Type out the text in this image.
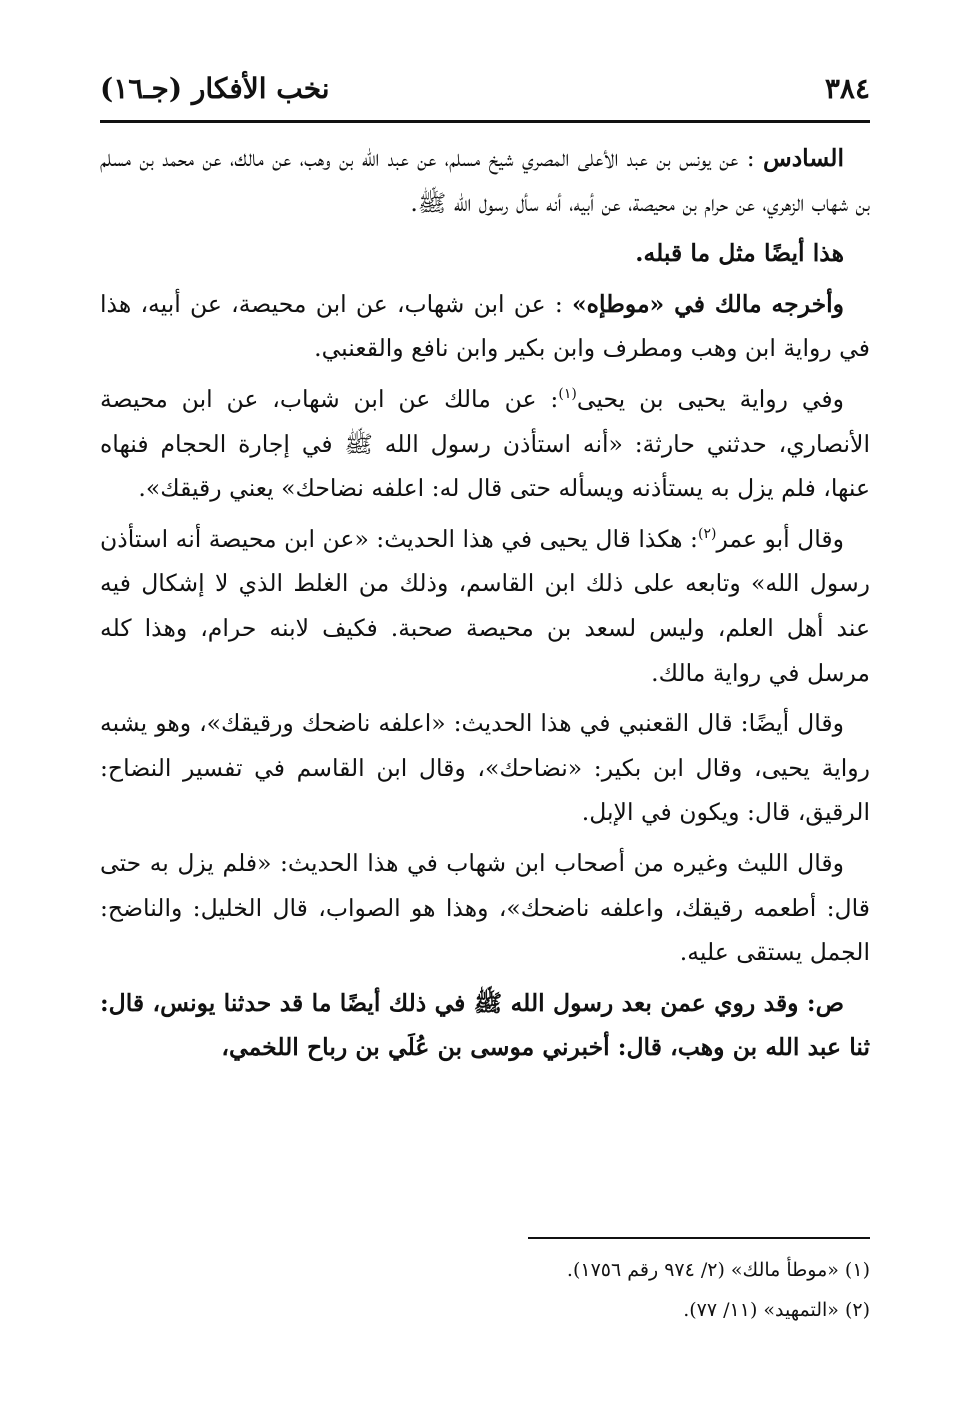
٣٨٤
نخب الأفكار (جـ١٦)

السادس : عن يونس بن عبد الأعلى المصري شيخ مسلم، عن عبد الله بن وهب، عن مالك، عن محمد بن مسلم بن شهاب الزهري، عن حرام بن محيصة، عن أبيه، أنه سأل رسول الله ﷺ.

هذا أيضًا مثل ما قبله.

وأخرجه مالك في «موطإه» : عن ابن شهاب، عن ابن محيصة، عن أبيه، هذا في رواية ابن وهب ومطرف وابن بكير وابن نافع والقعنبي.

وفي رواية يحيى بن يحيى$^{(١)}$: عن مالك عن ابن شهاب، عن ابن محيصة الأنصاري، حدثني حارثة: «أنه استأذن رسول الله ﷺ في إجارة الحجام فنهاه عنها، فلم يزل به يستأذنه ويسأله حتى قال له: اعلفه نضاحك» يعني رقيقك».

وقال أبو عمر$^{(٢)}$: هكذا قال يحيى في هذا الحديث: «عن ابن محيصة أنه استأذن رسول الله» وتابعه على ذلك ابن القاسم، وذلك من الغلط الذي لا إشكال فيه عند أهل العلم، وليس لسعد بن محيصة صحبة. فكيف لابنه حرام، وهذا كله مرسل في رواية مالك.

وقال أيضًا: قال القعنبي في هذا الحديث: «اعلفه ناضحك ورقيقك»، وهو يشبه رواية يحيى، وقال ابن بكير: «نضاحك»، وقال ابن القاسم في تفسير النضاح: الرقيق، قال: ويكون في الإبل.

وقال الليث وغيره من أصحاب ابن شهاب في هذا الحديث: «فلم يزل به حتى قال: أطعمه رقيقك، واعلفه ناضحك»، وهذا هو الصواب، قال الخليل: والناضح: الجمل يستقى عليه.

ص: وقد روي عمن بعد رسول الله ﷺ في ذلك أيضًا ما قد حدثنا يونس، قال: ثنا عبد الله بن وهب، قال: أخبرني موسى بن عُلَي بن رباح اللخمي،

(١) «موطأ مالك» (٢/ ٩٧٤ رقم ١٧٥٦).
(٢) «التمهيد» (١١/ ٧٧).
